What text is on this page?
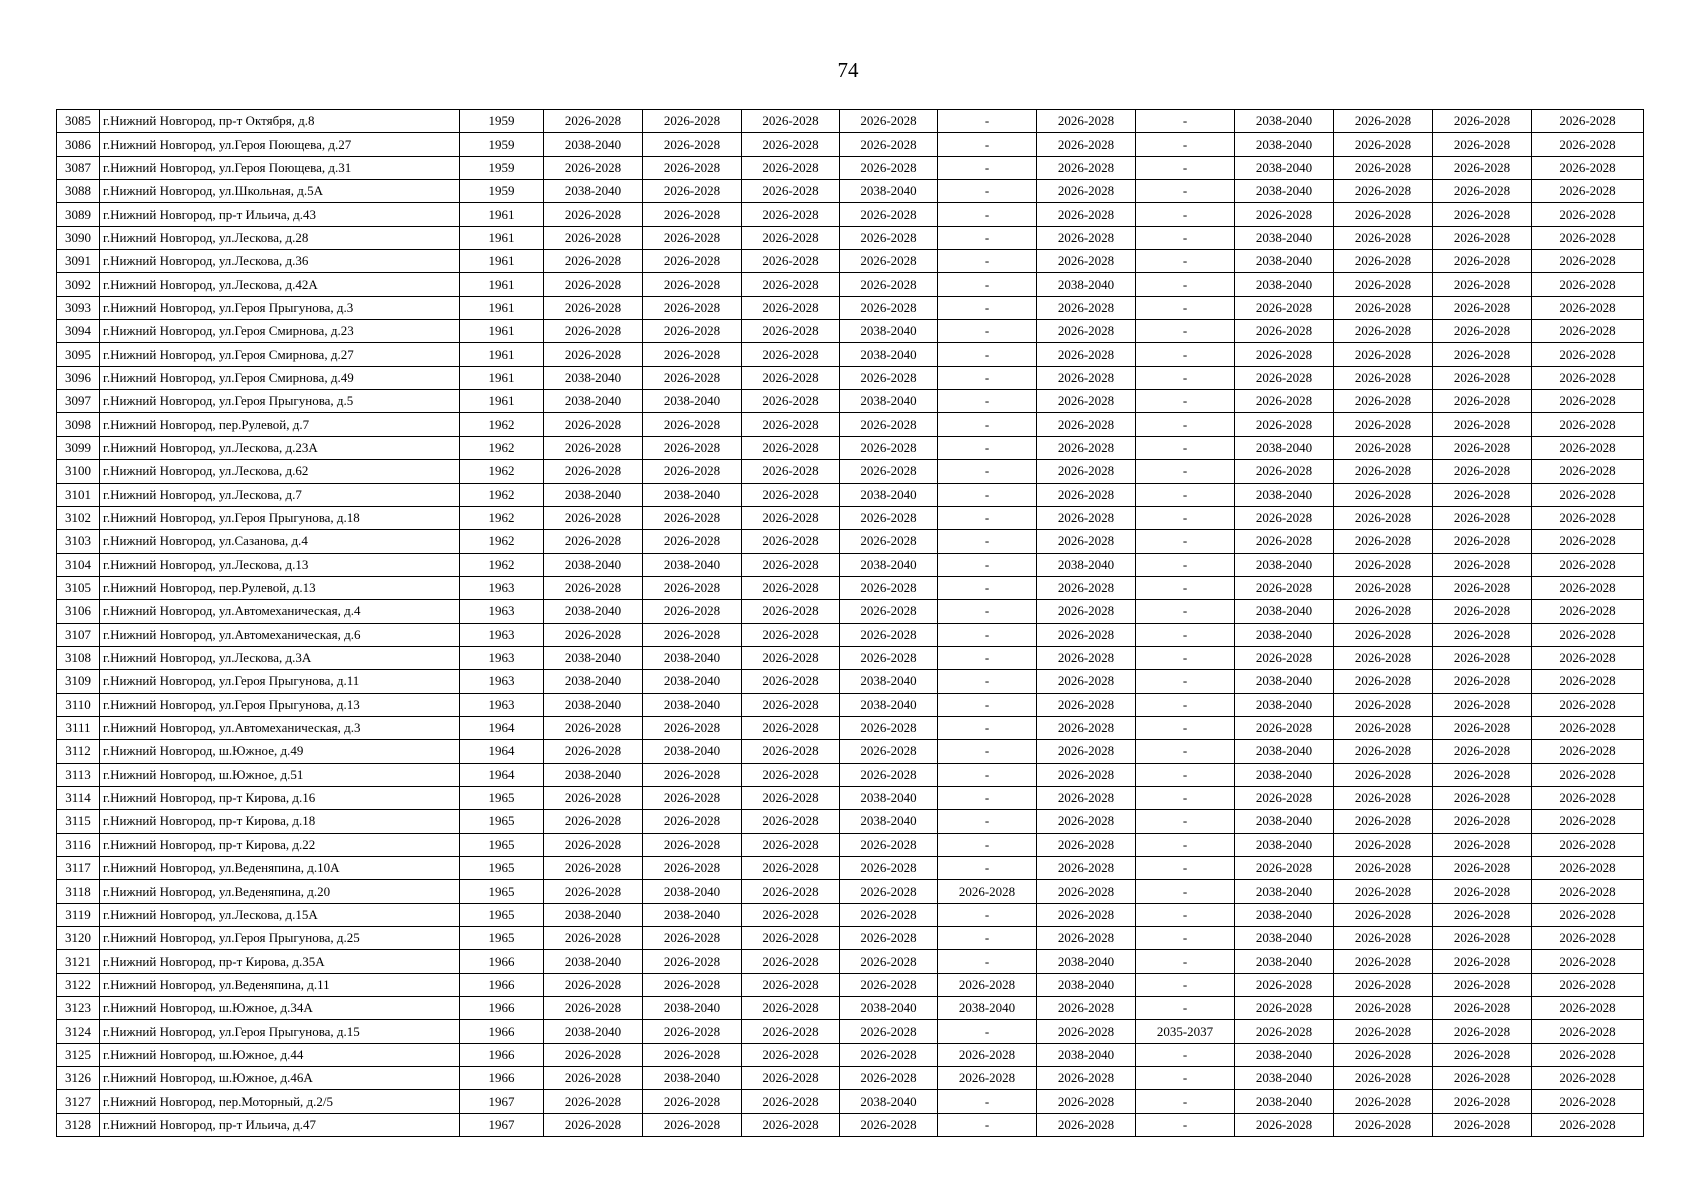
74
3085	г.Нижний Новгород, пр-т Октября, д.8	1959	2026-2028	2026-2028	2026-2028	2026-2028	-	2026-2028	-	2038-2040	2026-2028	2026-2028	2026-2028
3086	г.Нижний Новгород, ул.Героя Поющева, д.27	1959	2038-2040	2026-2028	2026-2028	2026-2028	-	2026-2028	-	2038-2040	2026-2028	2026-2028	2026-2028
3087	г.Нижний Новгород, ул.Героя Поющева, д.31	1959	2026-2028	2026-2028	2026-2028	2026-2028	-	2026-2028	-	2038-2040	2026-2028	2026-2028	2026-2028
3088	г.Нижний Новгород, ул.Школьная, д.5А	1959	2038-2040	2026-2028	2026-2028	2038-2040	-	2026-2028	-	2038-2040	2026-2028	2026-2028	2026-2028
3089	г.Нижний Новгород, пр-т Ильича, д.43	1961	2026-2028	2026-2028	2026-2028	2026-2028	-	2026-2028	-	2026-2028	2026-2028	2026-2028	2026-2028
3090	г.Нижний Новгород, ул.Лескова, д.28	1961	2026-2028	2026-2028	2026-2028	2026-2028	-	2026-2028	-	2038-2040	2026-2028	2026-2028	2026-2028
3091	г.Нижний Новгород, ул.Лескова, д.36	1961	2026-2028	2026-2028	2026-2028	2026-2028	-	2026-2028	-	2038-2040	2026-2028	2026-2028	2026-2028
3092	г.Нижний Новгород, ул.Лескова, д.42А	1961	2026-2028	2026-2028	2026-2028	2026-2028	-	2038-2040	-	2038-2040	2026-2028	2026-2028	2026-2028
3093	г.Нижний Новгород, ул.Героя Прыгунова, д.3	1961	2026-2028	2026-2028	2026-2028	2026-2028	-	2026-2028	-	2026-2028	2026-2028	2026-2028	2026-2028
3094	г.Нижний Новгород, ул.Героя Смирнова, д.23	1961	2026-2028	2026-2028	2026-2028	2038-2040	-	2026-2028	-	2026-2028	2026-2028	2026-2028	2026-2028
3095	г.Нижний Новгород, ул.Героя Смирнова, д.27	1961	2026-2028	2026-2028	2026-2028	2038-2040	-	2026-2028	-	2026-2028	2026-2028	2026-2028	2026-2028
3096	г.Нижний Новгород, ул.Героя Смирнова, д.49	1961	2038-2040	2026-2028	2026-2028	2026-2028	-	2026-2028	-	2026-2028	2026-2028	2026-2028	2026-2028
3097	г.Нижний Новгород, ул.Героя Прыгунова, д.5	1961	2038-2040	2038-2040	2026-2028	2038-2040	-	2026-2028	-	2026-2028	2026-2028	2026-2028	2026-2028
3098	г.Нижний Новгород, пер.Рулевой, д.7	1962	2026-2028	2026-2028	2026-2028	2026-2028	-	2026-2028	-	2026-2028	2026-2028	2026-2028	2026-2028
3099	г.Нижний Новгород, ул.Лескова, д.23А	1962	2026-2028	2026-2028	2026-2028	2026-2028	-	2026-2028	-	2038-2040	2026-2028	2026-2028	2026-2028
3100	г.Нижний Новгород, ул.Лескова, д.62	1962	2026-2028	2026-2028	2026-2028	2026-2028	-	2026-2028	-	2026-2028	2026-2028	2026-2028	2026-2028
3101	г.Нижний Новгород, ул.Лескова, д.7	1962	2038-2040	2038-2040	2026-2028	2038-2040	-	2026-2028	-	2038-2040	2026-2028	2026-2028	2026-2028
3102	г.Нижний Новгород, ул.Героя Прыгунова, д.18	1962	2026-2028	2026-2028	2026-2028	2026-2028	-	2026-2028	-	2026-2028	2026-2028	2026-2028	2026-2028
3103	г.Нижний Новгород, ул.Сазанова, д.4	1962	2026-2028	2026-2028	2026-2028	2026-2028	-	2026-2028	-	2026-2028	2026-2028	2026-2028	2026-2028
3104	г.Нижний Новгород, ул.Лескова, д.13	1962	2038-2040	2038-2040	2026-2028	2038-2040	-	2038-2040	-	2038-2040	2026-2028	2026-2028	2026-2028
3105	г.Нижний Новгород, пер.Рулевой, д.13	1963	2026-2028	2026-2028	2026-2028	2026-2028	-	2026-2028	-	2026-2028	2026-2028	2026-2028	2026-2028
3106	г.Нижний Новгород, ул.Автомеханическая, д.4	1963	2038-2040	2026-2028	2026-2028	2026-2028	-	2026-2028	-	2038-2040	2026-2028	2026-2028	2026-2028
3107	г.Нижний Новгород, ул.Автомеханическая, д.6	1963	2026-2028	2026-2028	2026-2028	2026-2028	-	2026-2028	-	2038-2040	2026-2028	2026-2028	2026-2028
3108	г.Нижний Новгород, ул.Лескова, д.3А	1963	2038-2040	2038-2040	2026-2028	2026-2028	-	2026-2028	-	2026-2028	2026-2028	2026-2028	2026-2028
3109	г.Нижний Новгород, ул.Героя Прыгунова, д.11	1963	2038-2040	2038-2040	2026-2028	2038-2040	-	2026-2028	-	2038-2040	2026-2028	2026-2028	2026-2028
3110	г.Нижний Новгород, ул.Героя Прыгунова, д.13	1963	2038-2040	2038-2040	2026-2028	2038-2040	-	2026-2028	-	2038-2040	2026-2028	2026-2028	2026-2028
3111	г.Нижний Новгород, ул.Автомеханическая, д.3	1964	2026-2028	2026-2028	2026-2028	2026-2028	-	2026-2028	-	2026-2028	2026-2028	2026-2028	2026-2028
3112	г.Нижний Новгород, ш.Южное, д.49	1964	2026-2028	2038-2040	2026-2028	2026-2028	-	2026-2028	-	2038-2040	2026-2028	2026-2028	2026-2028
3113	г.Нижний Новгород, ш.Южное, д.51	1964	2038-2040	2026-2028	2026-2028	2026-2028	-	2026-2028	-	2038-2040	2026-2028	2026-2028	2026-2028
3114	г.Нижний Новгород, пр-т Кирова, д.16	1965	2026-2028	2026-2028	2026-2028	2038-2040	-	2026-2028	-	2026-2028	2026-2028	2026-2028	2026-2028
3115	г.Нижний Новгород, пр-т Кирова, д.18	1965	2026-2028	2026-2028	2026-2028	2038-2040	-	2026-2028	-	2038-2040	2026-2028	2026-2028	2026-2028
3116	г.Нижний Новгород, пр-т Кирова, д.22	1965	2026-2028	2026-2028	2026-2028	2026-2028	-	2026-2028	-	2038-2040	2026-2028	2026-2028	2026-2028
3117	г.Нижний Новгород, ул.Веденяпина, д.10А	1965	2026-2028	2026-2028	2026-2028	2026-2028	-	2026-2028	-	2026-2028	2026-2028	2026-2028	2026-2028
3118	г.Нижний Новгород, ул.Веденяпина, д.20	1965	2026-2028	2038-2040	2026-2028	2026-2028	2026-2028	2026-2028	-	2038-2040	2026-2028	2026-2028	2026-2028
3119	г.Нижний Новгород, ул.Лескова, д.15А	1965	2038-2040	2038-2040	2026-2028	2026-2028	-	2026-2028	-	2038-2040	2026-2028	2026-2028	2026-2028
3120	г.Нижний Новгород, ул.Героя Прыгунова, д.25	1965	2026-2028	2026-2028	2026-2028	2026-2028	-	2026-2028	-	2038-2040	2026-2028	2026-2028	2026-2028
3121	г.Нижний Новгород, пр-т Кирова, д.35А	1966	2038-2040	2026-2028	2026-2028	2026-2028	-	2038-2040	-	2038-2040	2026-2028	2026-2028	2026-2028
3122	г.Нижний Новгород, ул.Веденяпина, д.11	1966	2026-2028	2026-2028	2026-2028	2026-2028	2026-2028	2038-2040	-	2026-2028	2026-2028	2026-2028	2026-2028
3123	г.Нижний Новгород, ш.Южное, д.34А	1966	2026-2028	2038-2040	2026-2028	2038-2040	2038-2040	2026-2028	-	2026-2028	2026-2028	2026-2028	2026-2028
3124	г.Нижний Новгород, ул.Героя Прыгунова, д.15	1966	2038-2040	2026-2028	2026-2028	2026-2028	-	2026-2028	2035-2037	2026-2028	2026-2028	2026-2028	2026-2028
3125	г.Нижний Новгород, ш.Южное, д.44	1966	2026-2028	2026-2028	2026-2028	2026-2028	2026-2028	2038-2040	-	2038-2040	2026-2028	2026-2028	2026-2028
3126	г.Нижний Новгород, ш.Южное, д.46А	1966	2026-2028	2038-2040	2026-2028	2026-2028	2026-2028	2026-2028	-	2038-2040	2026-2028	2026-2028	2026-2028
3127	г.Нижний Новгород, пер.Моторный, д.2/5	1967	2026-2028	2026-2028	2026-2028	2038-2040	-	2026-2028	-	2038-2040	2026-2028	2026-2028	2026-2028
3128	г.Нижний Новгород, пр-т Ильича, д.47	1967	2026-2028	2026-2028	2026-2028	2026-2028	-	2026-2028	-	2026-2028	2026-2028	2026-2028	2026-2028
